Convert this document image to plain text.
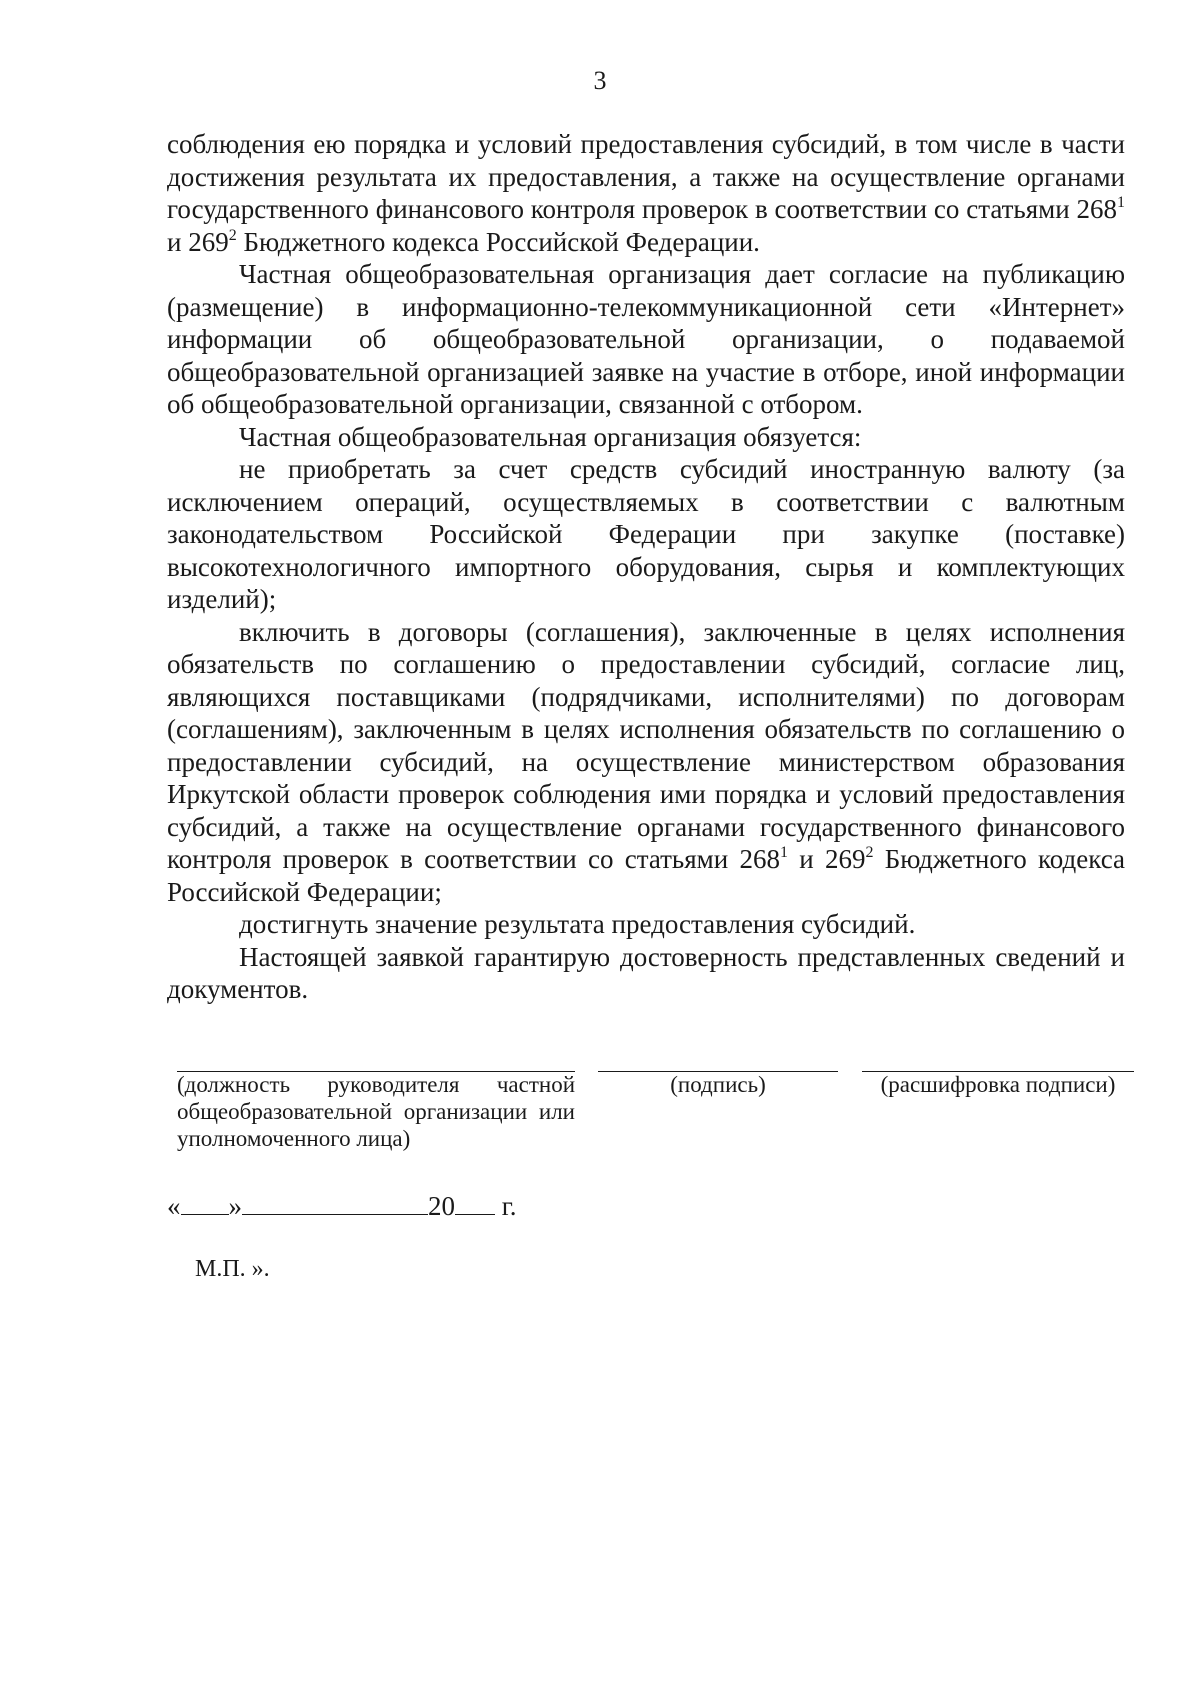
3

соблюдения ею порядка и условий предоставления субсидий, в том числе в части достижения результата их предоставления, а также на осуществление органами государственного финансового контроля проверок в соответствии со статьями $268^1$ и $269^2$ Бюджетного кодекса Российской Федерации.

Частная общеобразовательная организация дает согласие на публикацию (размещение) в информационно-телекоммуникационной сети «Интернет» информации об общеобразовательной организации, о подаваемой общеобразовательной организацией заявке на участие в отборе, иной информации об общеобразовательной организации, связанной с отбором.

Частная общеобразовательная организация обязуется:

не приобретать за счет средств субсидий иностранную валюту (за исключением операций, осуществляемых в соответствии с валютным законодательством Российской Федерации при закупке (поставке) высокотехнологичного импортного оборудования, сырья и комплектующих изделий);

включить в договоры (соглашения), заключенные в целях исполнения обязательств по соглашению о предоставлении субсидий, согласие лиц, являющихся поставщиками (подрядчиками, исполнителями) по договорам (соглашениям), заключенным в целях исполнения обязательств по соглашению о предоставлении субсидий, на осуществление министерством образования Иркутской области проверок соблюдения ими порядка и условий предоставления субсидий, а также на осуществление органами государственного финансового контроля проверок в соответствии со статьями $268^1$ и $269^2$ Бюджетного кодекса Российской Федерации;

достигнуть значение результата предоставления субсидий.

Настоящей заявкой гарантирую достоверность представленных сведений и документов.

(должность руководителя частной общеобразовательной организации или уполномоченного лица)
(подпись)	(расшифровка подписи)
« »	20 г.
М.П. ».
